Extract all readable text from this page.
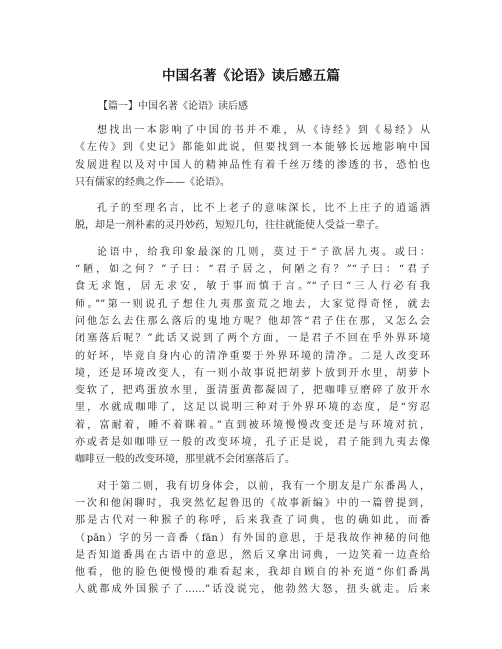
中国名著《论语》读后感五篇
【篇一】中国名著《论语》读后感
想找出一本影响了中国的书并不难，从《诗经》到《易经》从
《左传》到《史记》都能如此说，但要找到一本能够长远地影响中国
发展进程以及对中国人的精神品性有着千丝万缕的渗透的书，恐怕也
只有儒家的经典之作——《论语》。
孔子的至理名言，比不上老子的意味深长，比不上庄子的逍遥洒
脱，却是一剂朴素的灵丹妙药，短短几句，往往就能使人受益一辈子。
论语中，给我印象最深的几则，莫过于“子欲居九夷。或曰：
“陋，如之何？”子曰：“君子居之，何陋之有？”“子曰：“君子
食无求饱，居无求安，敏于事而慎于言。”“子曰“三人行必有我
师。””第一则说孔子想住九夷那蛮荒之地去，大家觉得奇怪，就去
问他怎么去住那么落后的鬼地方呢？他却答“君子住在那，又怎么会
闭塞落后呢？”此话又说到了两个方面，一是君子不回在乎外界环境
的好坏，毕竟自身内心的清净重要于外界环境的清净。二是人改变环
境，还是环境改变人，有一则小故事说把胡萝卜放到开水里，胡萝卜
变软了，把鸡蛋放水里，蛋清蛋黄都凝固了，把咖啡豆磨碎了放开水
里，水就成咖啡了，这足以说明三种对于外界环境的态度，是“穷忍
着，富耐着，睡不着眯着。”直到被环境慢慢改变还是与环境对抗，
亦或者是如咖啡豆一般的改变环境，孔子正是说，君子能到九夷去像
咖啡豆一般的改变环境，那里就不会闭塞落后了。
对于第二则，我有切身体会，以前，我有一个朋友是广东番禺人，
一次和他闲聊时，我突然忆起鲁迅的《故事新编》中的一篇曾提到，
那是古代对一种猴子的称呼，后来我查了词典，也的确如此，而番
（pān）字的另一音番（fān）有外国的意思，于是我故作神秘的问他
是否知道番禺在古语中的意思，然后又拿出词典，一边笑着一边查给
他看，他的脸色便慢慢的难看起来，我却自顾自的补充道“你们番禺
人就都成外国猴子了……”话没说完，他勃然大怒，扭头就走。后来
